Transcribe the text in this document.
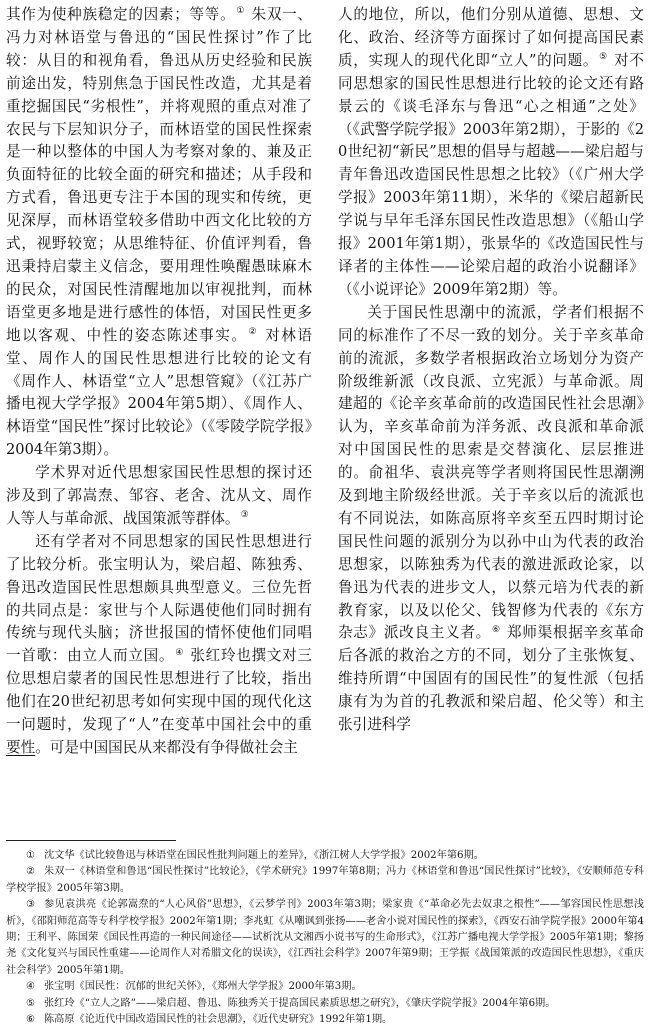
其作为使种族稳定的因素；等等。① 朱双一、冯力对林语堂与鲁迅的“国民性探讨”作了比较：从目的和视角看，鲁迅从历史经验和民族前途出发，特别焦急于国民性改造，尤其是着重挖掘国民“劣根性”，并将观照的重点对准了农民与下层知识分子，而林语堂的国民性探索是一种以整体的中国人为考察对象的、兼及正负面特征的比较全面的研究和描述；从手段和方式看，鲁迅更专注于本国的现实和传统，更见深厚，而林语堂较多借助中西文化比较的方式，视野较宽；从思维特征、价值评判看，鲁迅秉持启蒙主义信念，要用理性唤醒愚昧麻木的民众，对国民性清醒地加以审视批判，而林语堂更多地是进行感性的体悟，对国民性更多地以客观、中性的姿态陈述事实。② 对林语堂、周作人的国民性思想进行比较的论文有《周作人、林语堂“立人”思想管窥》（《江苏广播电视大学学报》2004年第5期）、《周作人、林语堂“国民性”探讨比较论》（《零陵学院学报》2004年第3期）。

学术界对近代思想家国民性思想的探讨还涉及到了郭嵩焘、邹容、老舍、沈从文、周作人等人与革命派、战国策派等群体。③

还有学者对不同思想家的国民性思想进行了比较分析。张宝明认为，梁启超、陈独秀、鲁迅改造国民性思想颇具典型意义。三位先哲的共同点是：家世与个人际遇使他们同时拥有传统与现代头脑；济世报国的情怀使他们同唱一首歌：由立人而立国。④ 张红玲也撰文对三位思想启蒙者的国民性思想进行了比较，指出他们在20世纪初思考如何实现中国的现代化这一问题时，发现了“人”在变革中国社会中的重要性。可是中国国民从来都没有争得做社会主

人的地位，所以，他们分别从道德、思想、文化、政治、经济等方面探讨了如何提高国民素质，实现人的现代化即“立人”的问题。⑤ 对不同思想家的国民性思想进行比较的论文还有路景云的《谈毛泽东与鲁迅“心之相通”之处》（《武警学院学报》2003年第2期），于影的《20世纪初“新民”思想的倡导与超越——梁启超与青年鲁迅改造国民性思想之比较》（《广州大学学报》2003年第11期），米华的《梁启超新民学说与早年毛泽东国民性改造思想》（《船山学报》2001年第1期），张景华的《改造国民性与译者的主体性——论梁启超的政治小说翻译》（《小说评论》2009年第2期）等。

关于国民性思潮中的流派，学者们根据不同的标准作了不尽一致的划分。关于辛亥革命前的流派，多数学者根据政治立场划分为资产阶级维新派（改良派、立宪派）与革命派。周建超的《论辛亥革命前的改造国民性社会思潮》认为，辛亥革命前为洋务派、改良派和革命派对中国国民性的思索是交替演化、层层推进的。俞祖华、袁洪亮等学者则将国民性思潮溯及到地主阶级经世派。关于辛亥以后的流派也有不同说法，如陈高原将辛亥至五四时期讨论国民性问题的派别分为以孙中山为代表的政治思想家，以陈独秀为代表的激进派政论家，以鲁迅为代表的进步文人，以蔡元培为代表的新教育家，以及以伦父、钱智修为代表的《东方杂志》派改良主义者。⑥ 郑师渠根据辛亥革命后各派的救治之方的不同，划分了主张恢复、维持所谓“中国固有的国民性”的复性派（包括康有为为首的孔教派和梁启超、伦父等）和主张引进科学

① 沈文华《试比较鲁迅与林语堂在国民性批判问题上的差异》，《浙江树人大学学报》2002年第6期。
② 朱双一《林语堂和鲁迅“国民性探讨”比较论》，《学术研究》1997年第8期；冯力《林语堂和鲁迅“国民性探讨”比较》，《安顺师范专科学校学报》2005年第3期。
③ 参见袁洪亮《论郭嵩焘的“人心风俗”思想》，《云梦学刊》2003年第3期；梁家贵《“革命必先去奴隶之根性”——邹容国民性思想浅析》，《邵阳师范高等专科学校学报》2002年第1期；李兆虹《从嘲讽到张扬——老舍小说对国民性的探索》，《西安石油学院学报》2000年第4期；王利平、陈国荣《国民性再造的一种民间途径——试析沈从文湘西小说书写的生命形式》，《江苏广播电视大学学报》2005年第1期；黎扬尧《文化复兴与国民性重建——论周作人对希腊文化的误读》，《江西社会科学》2007年第9期；王学振《战国策派的改造国民性思想》，《重庆社会科学》2005年第1期。
④ 张宝明《国民性：沉郁的世纪关怀》，《郑州大学学报》2000年第3期。
⑤ 张红玲《“立人之路”——梁启超、鲁迅、陈独秀关于提高国民素质思想之研究》，《肇庆学院学报》2004年第6期。
⑥ 陈高原《论近代中国改造国民性的社会思潮》，《近代史研究》1992年第1期。
